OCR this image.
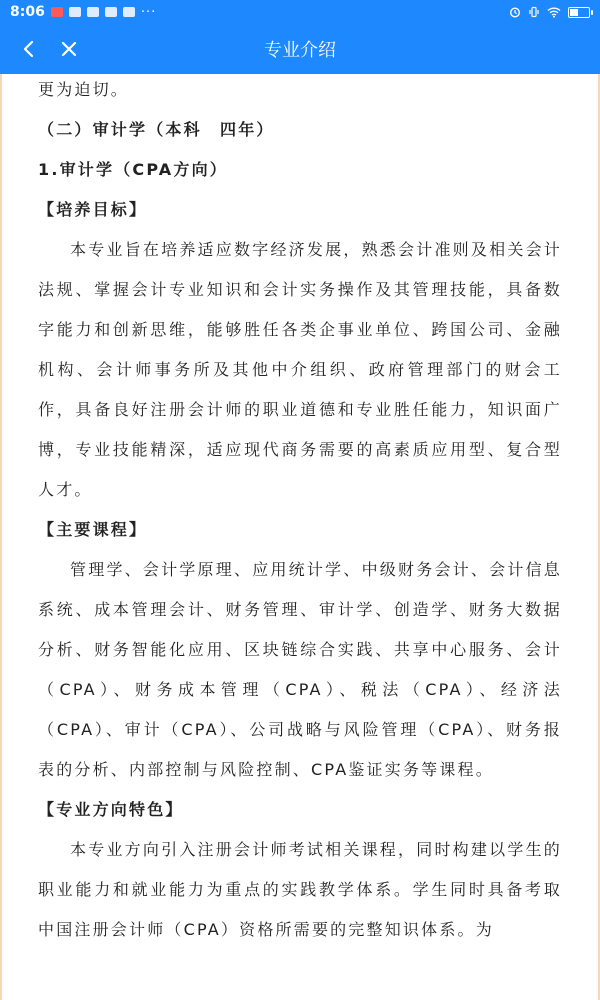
8:06	···
专业介绍
更为迫切。
（二）审计学（本科　四年）
1.审计学（CPA方向）
【培养目标】
本专业旨在培养适应数字经济发展，熟悉会计准则及相关会计法规、掌握会计专业知识和会计实务操作及其管理技能，具备数字能力和创新思维，能够胜任各类企事业单位、跨国公司、金融机构、会计师事务所及其他中介组织、政府管理部门的财会工作，具备良好注册会计师的职业道德和专业胜任能力，知识面广博，专业技能精深，适应现代商务需要的高素质应用型、复合型人才。
【主要课程】
管理学、会计学原理、应用统计学、中级财务会计、会计信息系统、成本管理会计、财务管理、审计学、创造学、财务大数据分析、财务智能化应用、区块链综合实践、共享中心服务、会计（CPA）、财务成本管理（CPA）、税法（CPA）、经济法（CPA）、审计（CPA）、公司战略与风险管理（CPA）、财务报表的分析、内部控制与风险控制、CPA鉴证实务等课程。
【专业方向特色】
本专业方向引入注册会计师考试相关课程，同时构建以学生的职业能力和就业能力为重点的实践教学体系。学生同时具备考取中国注册会计师（CPA）资格所需要的完整知识体系。为
